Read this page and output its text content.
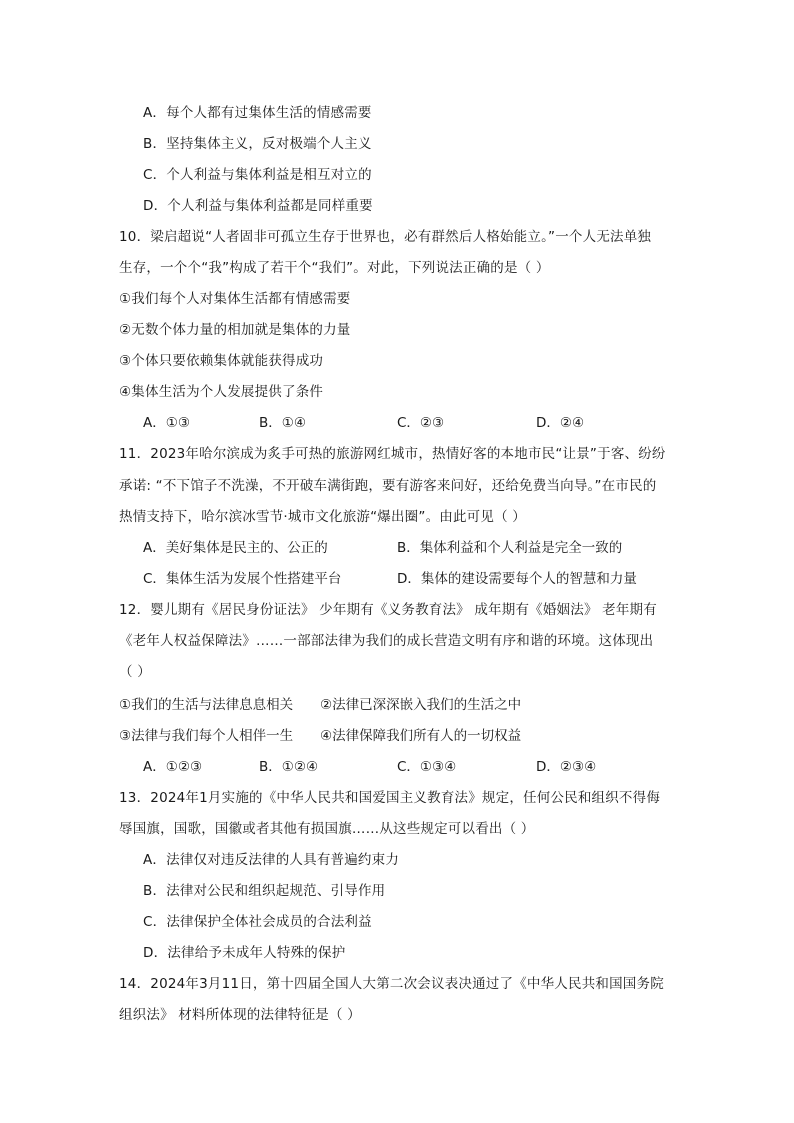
A．每个人都有过集体生活的情感需要
B．坚持集体主义，反对极端个人主义
C．个人利益与集体利益是相互对立的
D．个人利益与集体利益都是同样重要
10．梁启超说“人者固非可孤立生存于世界也，必有群然后人格始能立。”一个人无法单独
生存，一个个“我”构成了若干个“我们”。对此，下列说法正确的是（ ）
①我们每个人对集体生活都有情感需要
②无数个体力量的相加就是集体的力量
③个体只要依赖集体就能获得成功
④集体生活为个人发展提供了条件
A．①③	B．①④	C．②③	D．②④
11．2023年哈尔滨成为炙手可热的旅游网红城市，热情好客的本地市民“让景”于客、纷纷
承诺: “不下馆子不洗澡，不开破车满街跑，要有游客来问好，还给免费当向导。”在市民的
热情支持下，哈尔滨冰雪节·城市文化旅游“爆出圈”。由此可见（ ）
A．美好集体是民主的、公正的	B．集体利益和个人利益是完全一致的
C．集体生活为发展个性搭建平台	D．集体的建设需要每个人的智慧和力量
12．婴儿期有《居民身份证法》 少年期有《义务教育法》 成年期有《婚姻法》 老年期有
《老年人权益保障法》……一部部法律为我们的成长营造文明有序和谐的环境。这体现出
（ ）
①我们的生活与法律息息相关 ②法律已深深嵌入我们的生活之中
③法律与我们每个人相伴一生 ④法律保障我们所有人的一切权益
A．①②③	B．①②④	C．①③④	D．②③④
13．2024年1月实施的《中华人民共和国爱国主义教育法》规定，任何公民和组织不得侮
辱国旗，国歌，国徽或者其他有损国旗……从这些规定可以看出（ ）
A．法律仅对违反法律的人具有普遍约束力
B．法律对公民和组织起规范、引导作用
C．法律保护全体社会成员的合法利益
D．法律给予未成年人特殊的保护
14．2024年3月11日，第十四届全国人大第二次会议表决通过了《中华人民共和国国务院
组织法》 材料所体现的法律特征是（ ）
